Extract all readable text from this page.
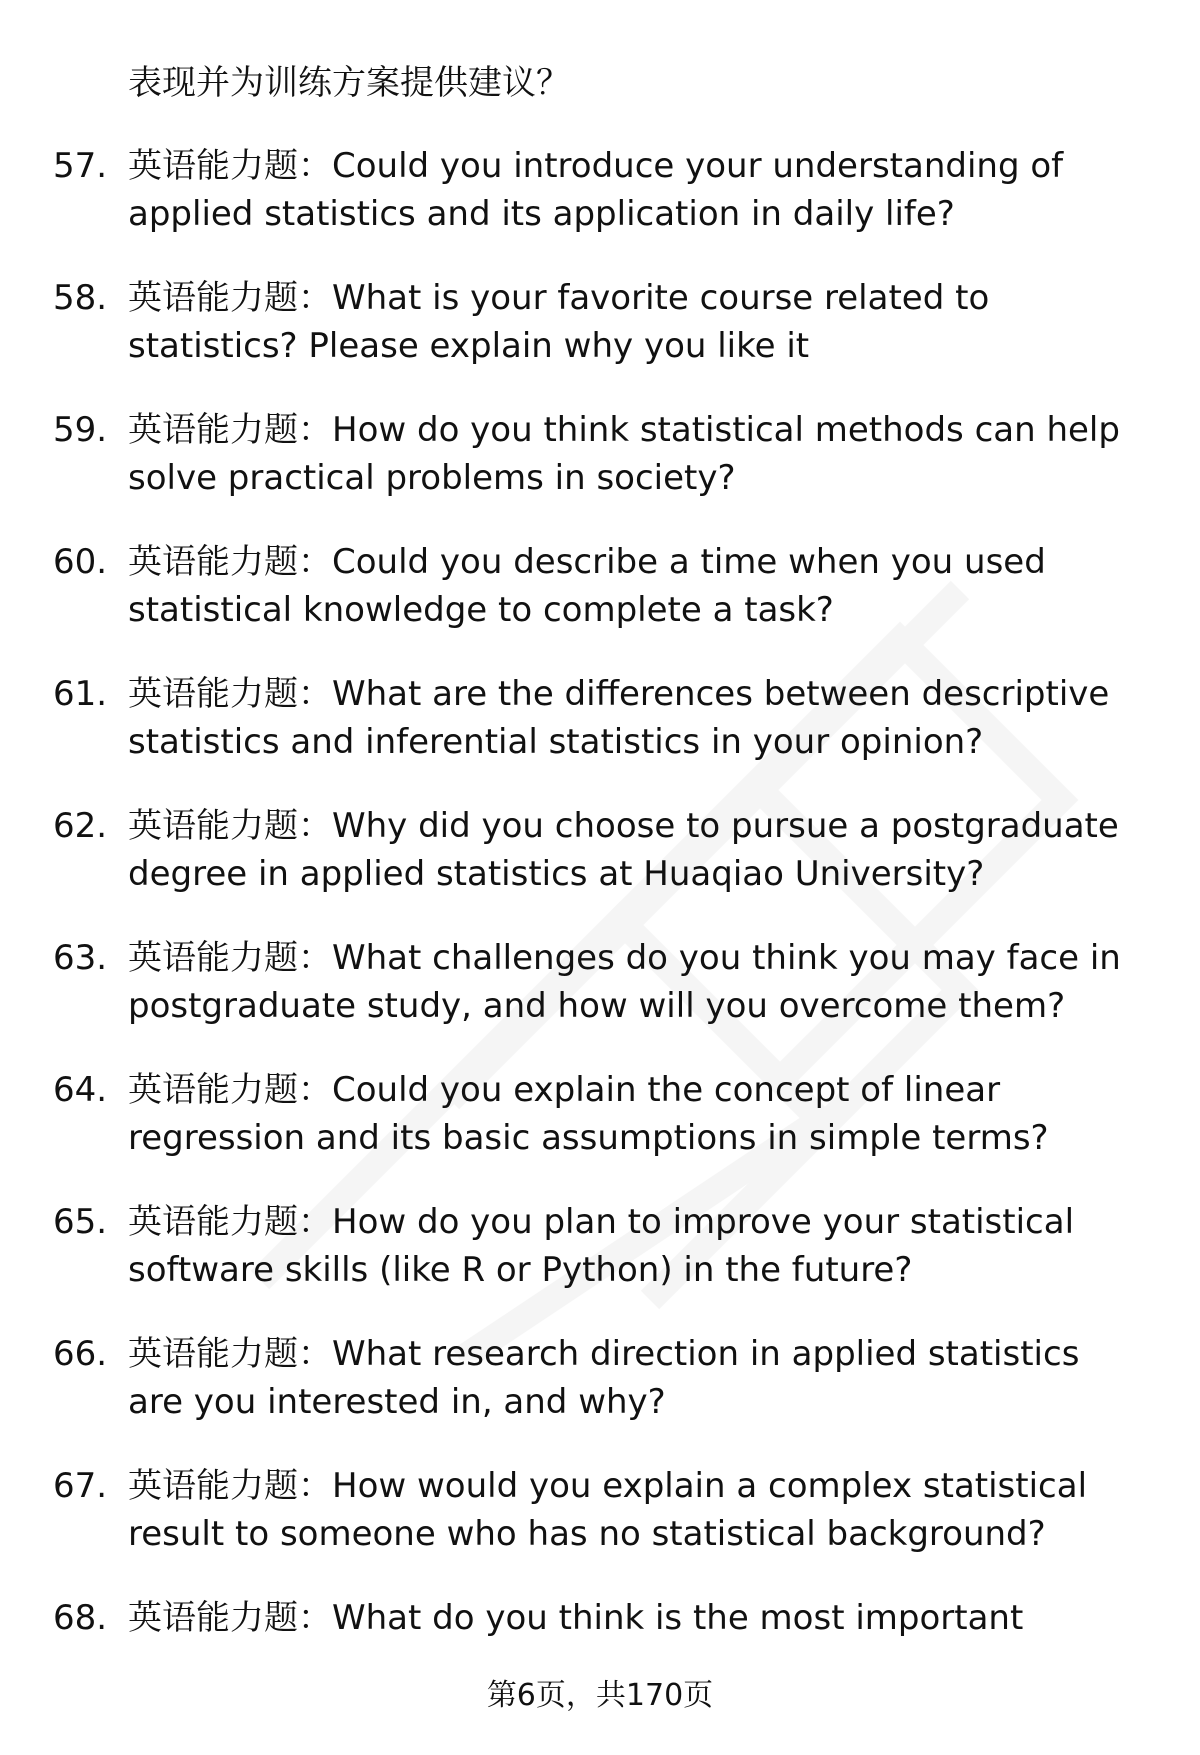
表现并为训练方案提供建议？
57. 英语能力题：Could you introduce your understanding of
applied statistics and its application in daily life?
58. 英语能力题：What is your favorite course related to
statistics? Please explain why you like it
59. 英语能力题：How do you think statistical methods can help
solve practical problems in society?
60. 英语能力题：Could you describe a time when you used
statistical knowledge to complete a task?
61. 英语能力题：What are the differences between descriptive
statistics and inferential statistics in your opinion?
62. 英语能力题：Why did you choose to pursue a postgraduate
degree in applied statistics at Huaqiao University?
63. 英语能力题：What challenges do you think you may face in
postgraduate study, and how will you overcome them?
64. 英语能力题：Could you explain the concept of linear
regression and its basic assumptions in simple terms?
65. 英语能力题：How do you plan to improve your statistical
software skills (like R or Python) in the future?
66. 英语能力题：What research direction in applied statistics
are you interested in, and why?
67. 英语能力题：How would you explain a complex statistical
result to someone who has no statistical background?
68. 英语能力题：What do you think is the most important
第6页，共170页
